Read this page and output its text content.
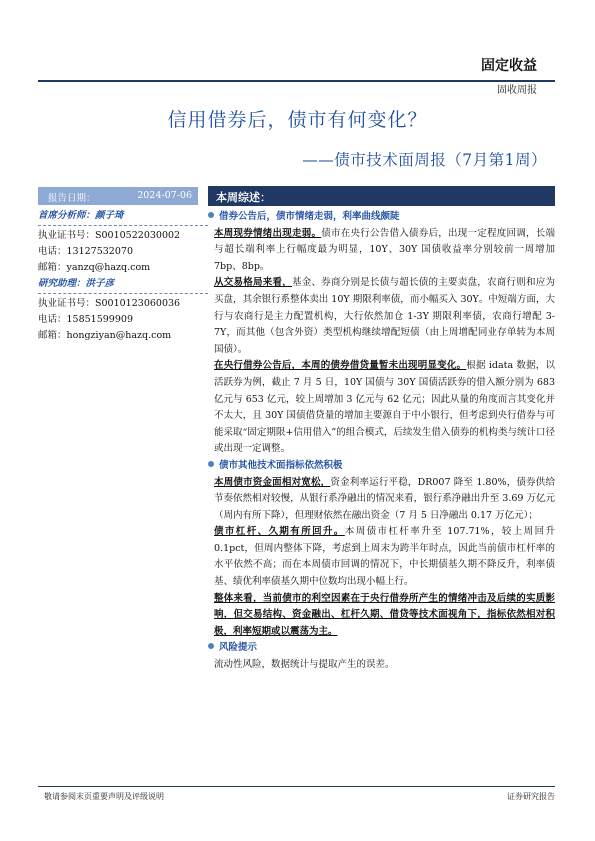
固定收益
固收周报
信用借券后，债市有何变化？
——债市技术面周报（7月第1周）
报告日期：	2024-07-06
首席分析师：颜子琦
执业证书号：S0010522030002
电话：13127532070
邮箱：yanzq@hazq.com
研究助理：洪子彦
执业证书号：S0010123060036
电话：15851599909
邮箱：hongziyan@hazq.com
本周综述：
借券公告后，债市情绪走弱，利率曲线颇陡
本周现券情绪出现走弱。债市在央行公告借入债券后，出现一定程度回调，长端与超长端利率上行幅度最为明显，10Y、30Y 国债收益率分别较前一周增加 7bp、8bp。
从交易格局来看，基金、券商分别是长债与超长债的主要卖盘，农商行则和应为买盘，其余银行系整体卖出 10Y 期限利率债，而小幅买入 30Y。中短端方面，大行与农商行是主力配置机构，大行依然加仓 1-3Y 期限利率债，农商行增配 3-7Y，而其他（包含外资）类型机构继续增配短债（由上周增配同业存单转为本周国债）。
在央行借券公告后，本周的债券借贷量暂未出现明显变化。根据 idata 数据，以活跃券为例，截止 7 月 5 日，10Y 国债与 30Y 国债活跃券的借入额分别为 683 亿元与 653 亿元，较上周增加 3 亿元与 62 亿元；因此从量的角度而言其变化并不太大，且 30Y 国债借贷量的增加主要源自于中小银行，但考虑到央行借券与可能采取“固定期限+信用借入”的组合模式，后续发生借入债券的机构类与统计口径或出现一定调整。
债市其他技术面指标依然积极
本周债市资金面相对宽松，资金利率运行平稳，DR007 降至 1.80%，债券供给节奏依然相对较慢，从银行系净融出的情况来看，银行系净融出升至 3.69 万亿元（周内有所下降），但理财依然在融出资金（7 月 5 日净融出 0.17 万亿元）；
债市杠杆、久期有所回升。本周债市杠杆率升至 107.71%，较上周回升 0.1pct，但周内整体下降，考虑到上周末为跨半年时点，因此当前债市杠杆率的水平依然不高；而在本周债市回调的情况下，中长期债基久期不降反升，利率债基、绩优利率债基久期中位数均出现小幅上行。
整体来看，当前债市的利空因素在于央行借券所产生的情绪冲击及后续的实质影响，但交易结构、资金融出、杠杆久期、借贷等技术面视角下，指标依然相对积极，利率短期或以震荡为主。
风险提示
流动性风险，数据统计与提取产生的误差。
敬请参阅末页重要声明及评级说明	证券研究报告
